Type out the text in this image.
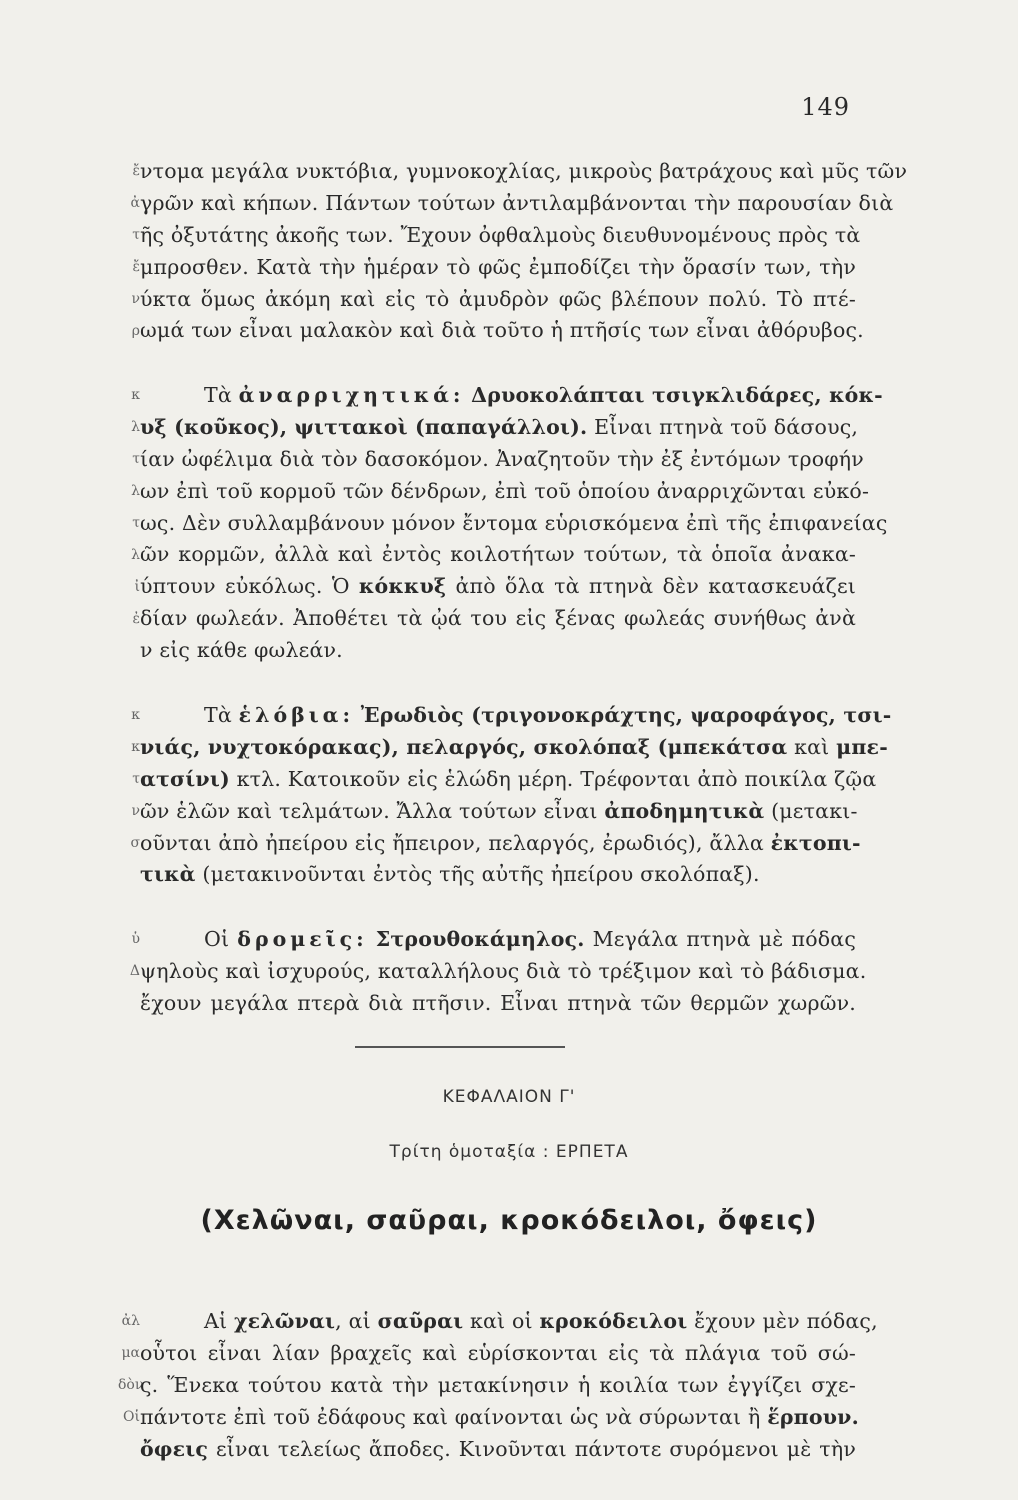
149
ἔ
ἀ
τ
ἔ
ν
ρ
κ
λ
τ
λ
τ
λ
ἰ
ἐ
κ
κ
τ
ν
σ
ὑ
Δ
ἀλ
μα
δὸν
Οἱ
ντομα μεγάλα νυκτόβια, γυμνοκοχλίας, μικροὺς βατράχους καὶ μῦς τῶν
γρῶν καὶ κήπων. Πάντων τούτων ἀντιλαμβάνονται τὴν παρουσίαν διὰ
ῆς ὀξυτάτης ἀκοῆς των. Ἔχουν ὀφθαλμοὺς διευθυνομένους πρὸς τὰ
μπροσθεν. Κατὰ τὴν ἡμέραν τὸ φῶς ἐμποδίζει τὴν ὅρασίν των, τὴν
ύκτα ὅμως ἀκόμη καὶ εἰς τὸ ἀμυδρὸν φῶς βλέπουν πολύ. Τὸ πτέ-
ωμά των εἶναι μαλακὸν καὶ διὰ τοῦτο ἡ πτῆσίς των εἶναι ἀθόρυβος.
Τὰ ἀναρριχητικά: Δρυοκολάπται τσιγκλιδάρες, κόκ-
υξ (κοῦκος), ψιττακοὶ (παπαγάλλοι). Εἶναι πτηνὰ τοῦ δάσους,
ίαν ὠφέλιμα διὰ τὸν δασοκόμον. Ἀναζητοῦν τὴν ἐξ ἐντόμων τροφήν
ων ἐπὶ τοῦ κορμοῦ τῶν δένδρων, ἐπὶ τοῦ ὁποίου ἀναρριχῶνται εὐκό-
ως. Δὲν συλλαμβάνουν μόνον ἔντομα εὑρισκόμενα ἐπὶ τῆς ἐπιφανείας
ῶν κορμῶν, ἀλλὰ καὶ ἐντὸς κοιλοτήτων τούτων, τὰ ὁποῖα ἀνακα-
ύπτουν εὐκόλως. Ὁ κόκκυξ ἀπὸ ὅλα τὰ πτηνὰ δὲν κατασκευάζει
δίαν φωλεάν. Ἀποθέτει τὰ ᾠά του εἰς ξένας φωλεάς συνήθως ἀνὰ
ν εἰς κάθε φωλεάν.
Τὰ ἑλόβια: Ἐρωδιὸς (τριγονοκράχτης, ψαροφάγος, τσι-
νιάς, νυχτοκόρακας), πελαργός, σκολόπαξ (μπεκάτσα καὶ μπε-
ατσίνι) κτλ. Κατοικοῦν εἰς ἑλώδη μέρη. Τρέφονται ἀπὸ ποικίλα ζῷα
ῶν ἑλῶν καὶ τελμάτων. Ἄλλα τούτων εἶναι ἀποδημητικὰ (μετακι-
οῦνται ἀπὸ ἠπείρου εἰς ἤπειρον, πελαργός, ἐρωδιός), ἄλλα ἐκτοπι-
τικὰ (μετακινοῦνται ἐντὸς τῆς αὐτῆς ἠπείρου σκολόπαξ).
Οἱ δρομεῖς: Στρουθοκάμηλος. Μεγάλα πτηνὰ μὲ πόδας
ψηλοὺς καὶ ἰσχυρούς, καταλλήλους διὰ τὸ τρέξιμον καὶ τὸ βάδισμα.
ἔχουν μεγάλα πτερὰ διὰ πτῆσιν. Εἶναι πτηνὰ τῶν θερμῶν χωρῶν.
ΚΕΦΑΛΑΙΟΝ Γ'
Τρίτη ὁμοταξία : ΕΡΠΕΤΑ
(Χελῶναι, σαῦραι, κροκόδειλοι, ὄφεις)
Αἱ χελῶναι, αἱ σαῦραι καὶ οἱ κροκόδειλοι ἔχουν μὲν πόδας,
οὗτοι εἶναι λίαν βραχεῖς καὶ εὑρίσκονται εἰς τὰ πλάγια τοῦ σώ-
ς. Ἕνεκα τούτου κατὰ τὴν μετακίνησιν ἡ κοιλία των ἐγγίζει σχε-
πάντοτε ἐπὶ τοῦ ἐδάφους καὶ φαίνονται ὡς νὰ σύρωνται ἢ ἕρπουν.
ὄφεις εἶναι τελείως ἄποδες. Κινοῦνται πάντοτε συρόμενοι μὲ τὴν
